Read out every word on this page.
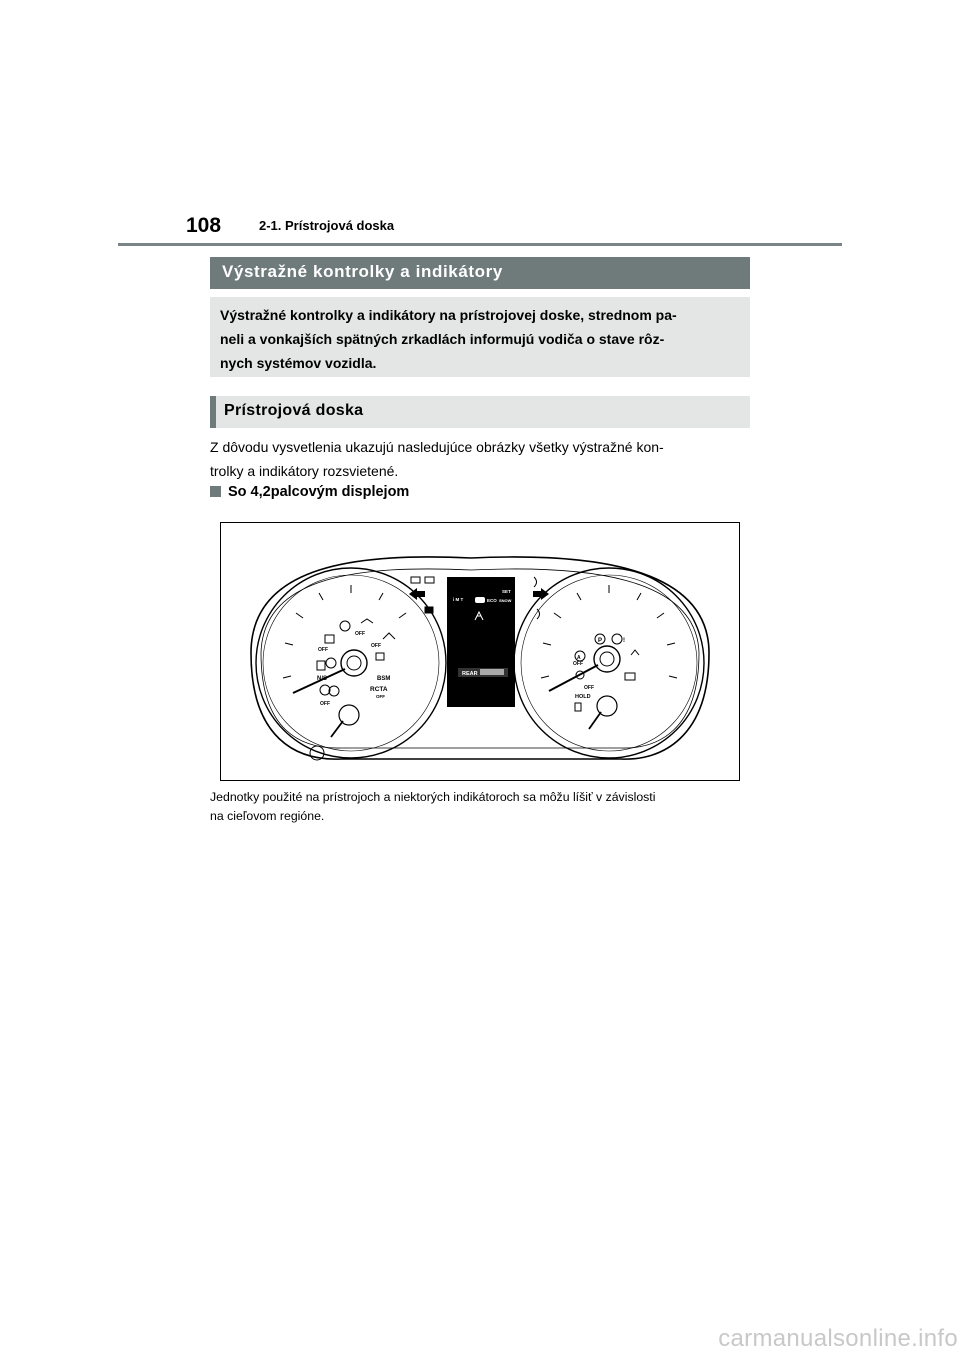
108	2-1. Prístrojová doska
Výstražné kontrolky a indikátory
Výstražné kontrolky a indikátory na prístrojovej doske, strednom pa-
neli a vonkajších spätných zrkadlách informujú vodiča o stave rôz-
nych systémov vozidla.
Prístrojová doska
Z dôvodu vysvetlenia ukazujú nasledujúce obrázky všetky výstražné kon-
trolky a indikátory rozsvietené.
So 4,2palcovým displejom
OFF
OFF
OFF
OFF
N/S	BSM
RCTA
OFF
i M T	ECO SNOW
SET
REAR
P	!
A
OFF
OFF
HOLD
Jednotky použité na prístrojoch a niektorých indikátoroch sa môžu líšiť v závislosti
na cieľovom regióne.
carmanualsonline.info
